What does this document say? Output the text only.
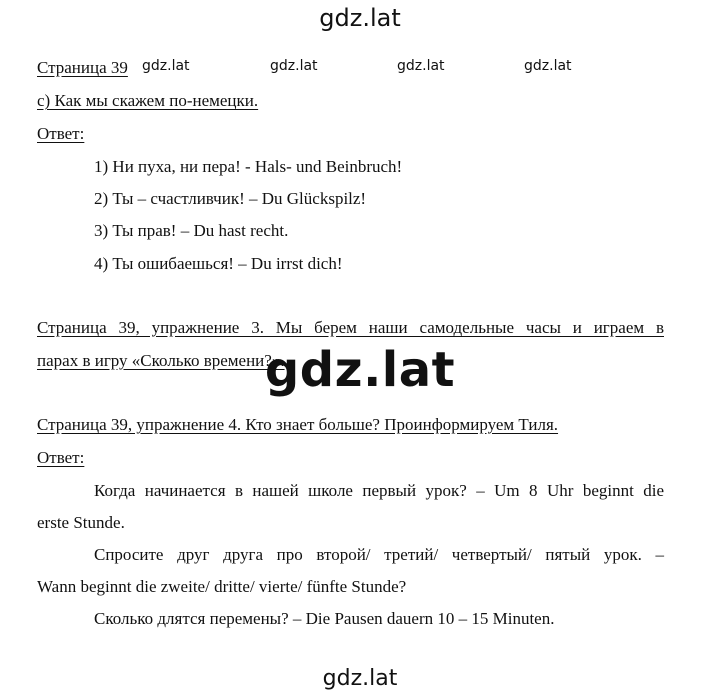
gdz.lat
Страница 39 gdz.lat	gdz.lat	gdz.lat	gdz.lat
c) Как мы скажем по-немецки.
Ответ:
1) Ни пуха, ни пера! - Hals- und Beinbruch!
2) Ты – счастливчик! – Du Glückspilz!
3) Ты прав! – Du hast recht.
4) Ты ошибаешься! – Du irrst dich!
Страница 39, упражнение 3. Мы берем наши самодельные часы и играем в
парах в игру «Сколько времени?».
gdz.lat
Страница 39, упражнение 4. Кто знает больше? Проинформируем Тиля.
Ответ:
Когда начинается в нашей школе первый урок? – Um 8 Uhr beginnt die
erste Stunde.
Спросите друг друга про второй/ третий/ четвертый/ пятый урок. –
Wann beginnt die zweite/ dritte/ vierte/ fünfte Stunde?
Сколько длятся перемены? – Die Pausen dauern 10 – 15 Minuten.
gdz.lat
